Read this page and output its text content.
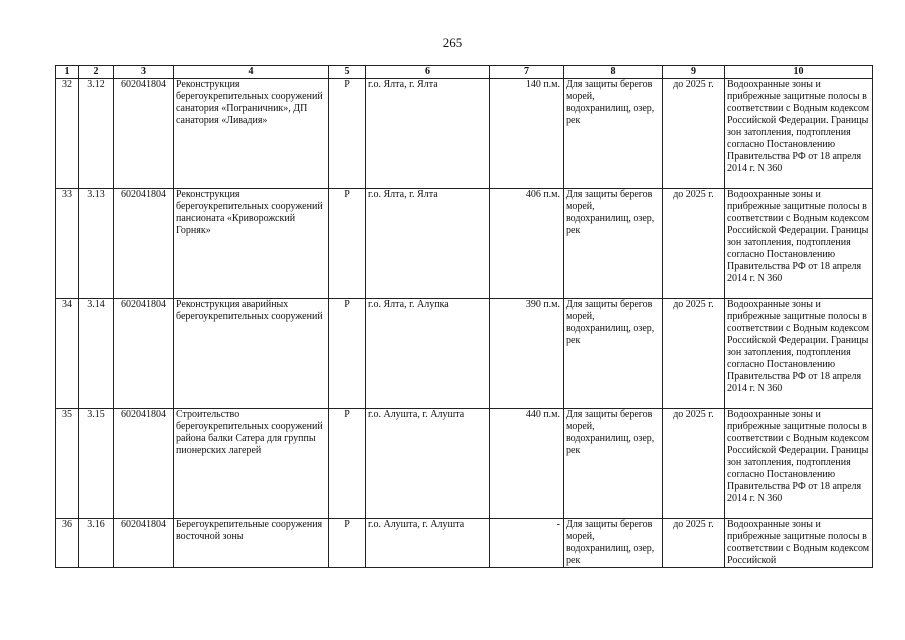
265
1	2	3	4	5	6	7	8	9	10
32	3.12	602041804	Реконструкция берегоукрепительных сооружений санатория «Пограничник», ДП санатория «Ливадия»	Р	г.о. Ялта, г. Ялта	140 п.м.	Для защиты берегов морей, водохранилищ, озер, рек	до 2025 г.	Водоохранные зоны и прибрежные защитные полосы в соответствии с Водным кодексом Российской Федерации. Границы зон затопления, подтопления согласно Постановлению Правительства РФ от 18 апреля 2014 г. N 360
33	3.13	602041804	Реконструкция берегоукрепительных сооружений пансионата «Криворожский Горняк»	Р	г.о. Ялта, г. Ялта	406 п.м.	Для защиты берегов морей, водохранилищ, озер, рек	до 2025 г.	Водоохранные зоны и прибрежные защитные полосы в соответствии с Водным кодексом Российской Федерации. Границы зон затопления, подтопления согласно Постановлению Правительства РФ от 18 апреля 2014 г. N 360
34	3.14	602041804	Реконструкция аварийных берегоукрепительных сооружений	Р	г.о. Ялта, г. Алупка	390 п.м.	Для защиты берегов морей, водохранилищ, озер, рек	до 2025 г.	Водоохранные зоны и прибрежные защитные полосы в соответствии с Водным кодексом Российской Федерации. Границы зон затопления, подтопления согласно Постановлению Правительства РФ от 18 апреля 2014 г. N 360
35	3.15	602041804	Строительство берегоукрепительных сооружений района балки Сатера для группы пионерских лагерей	Р	г.о. Алушта, г. Алушта	440 п.м.	Для защиты берегов морей, водохранилищ, озер, рек	до 2025 г.	Водоохранные зоны и прибрежные защитные полосы в соответствии с Водным кодексом Российской Федерации. Границы зон затопления, подтопления согласно Постановлению Правительства РФ от 18 апреля 2014 г. N 360
36	3.16	602041804	Берегоукрепительные сооружения восточной зоны	Р	г.о. Алушта, г. Алушта	-	Для защиты берегов морей, водохранилищ, озер, рек	до 2025 г.	Водоохранные зоны и прибрежные защитные полосы в соответствии с Водным кодексом Российской
